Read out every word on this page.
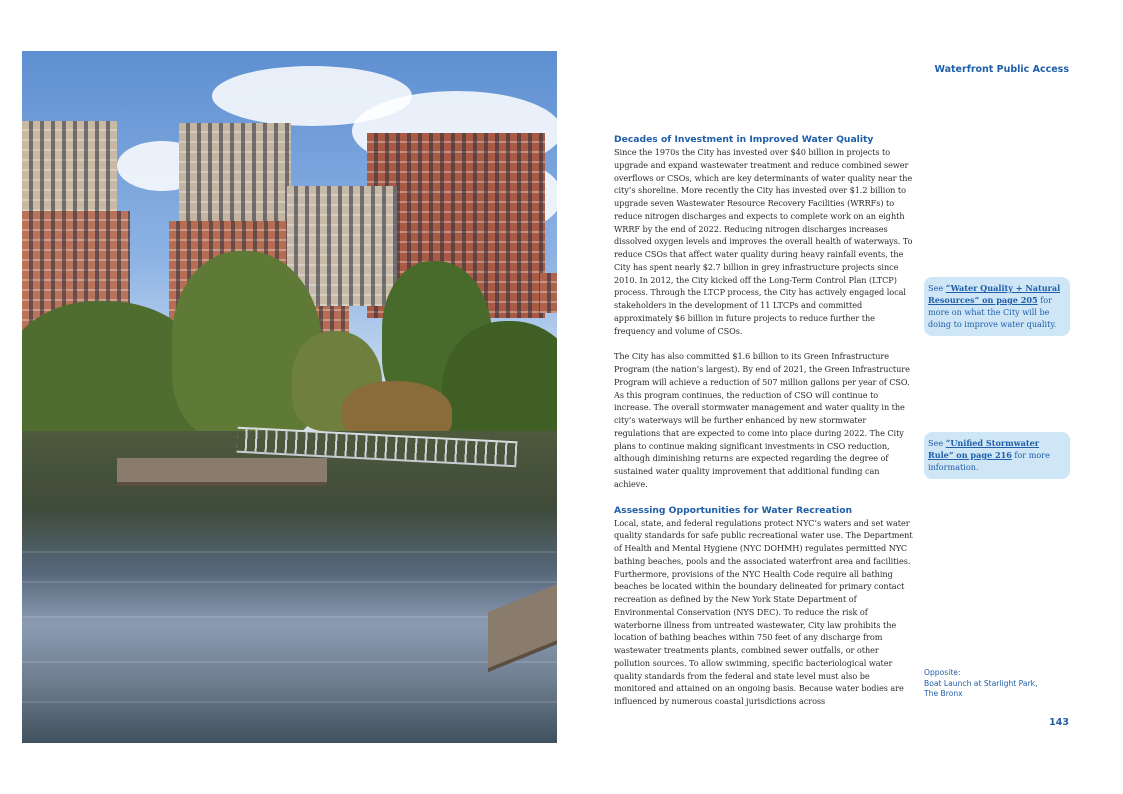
Waterfront Public Access
Decades of Investment in Improved Water Quality

Since the 1970s the City has invested over $40 billion in projects to upgrade and expand wastewater treatment and reduce combined sewer overflows or CSOs, which are key determinants of water quality near the city’s shoreline. More recently the City has invested over $1.2 billion to upgrade seven Wastewater Resource Recovery Facilities (WRRFs) to reduce nitrogen discharges and expects to complete work on an eighth WRRF by the end of 2022. Reducing nitrogen discharges increases dissolved oxygen levels and improves the overall health of waterways. To reduce CSOs that affect water quality during heavy rainfall events, the City has spent nearly $2.7 billion in grey infrastructure projects since 2010. In 2012, the City kicked off the Long-Term Control Plan (LTCP) process. Through the LTCP process, the City has actively engaged local stakeholders in the development of 11 LTCPs and committed approximately $6 billion in future projects to reduce further the frequency and volume of CSOs.

The City has also committed $1.6 billion to its Green Infrastructure Program (the nation’s largest). By end of 2021, the Green Infrastructure Program will achieve a reduction of 507 million gallons per year of CSO. As this program continues, the reduction of CSO will continue to increase. The overall stormwater management and water quality in the city’s waterways will be further enhanced by new stormwater regulations that are expected to come into place during 2022. The City plans to continue making significant investments in CSO reduction, although diminishing returns are expected regarding the degree of sustained water quality improvement that additional funding can achieve.

Assessing Opportunities for Water Recreation

Local, state, and federal regulations protect NYC’s waters and set water quality standards for safe public recreational water use. The Department of Health and Mental Hygiene (NYC DOHMH) regulates permitted NYC bathing beaches, pools and the associated waterfront area and facilities. Furthermore, provisions of the NYC Health Code require all bathing beaches be located within the boundary delineated for primary contact recreation as defined by the New York State Department of Environmental Conservation (NYS DEC). To reduce the risk of waterborne illness from untreated wastewater, City law prohibits the location of bathing beaches within 750 feet of any discharge from wastewater treatments plants, combined sewer outfalls, or other pollution sources. To allow swimming, specific bacteriological water quality standards from the federal and state level must also be monitored and attained on an ongoing basis. Because water bodies are influenced by numerous coastal jurisdictions across

See “Water Quality + Natural Resources” on page 205 for more on what the City will be doing to improve water quality.
See “Unified Stormwater Rule” on page 216 for more information.
Opposite:
Boat Launch at Starlight Park,
The Bronx
143
